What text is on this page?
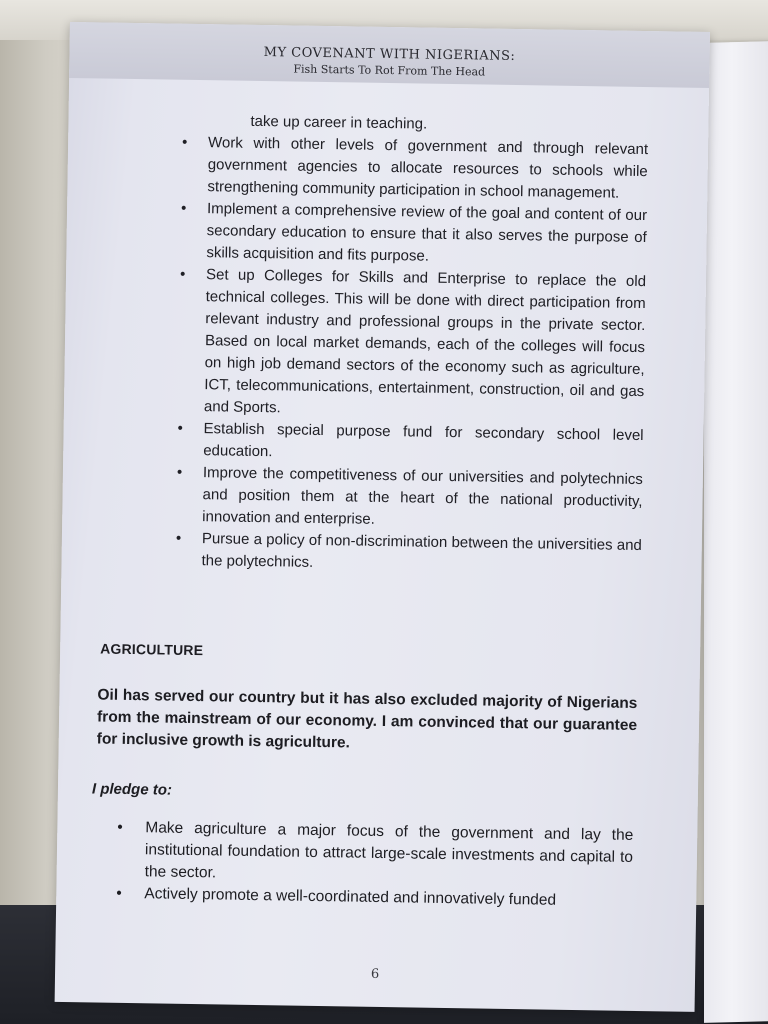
MY COVENANT WITH NIGERIANS:
Fish Starts To Rot From The Head
take up career in teaching.
• Work with other levels of government and through relevant government agencies to allocate resources to schools while strengthening community participation in school management.
• Implement a comprehensive review of the goal and content of our secondary education to ensure that it also serves the purpose of skills acquisition and fits purpose.
• Set up Colleges for Skills and Enterprise to replace the old technical colleges. This will be done with direct participation from relevant industry and professional groups in the private sector. Based on local market demands, each of the colleges will focus on high job demand sectors of the economy such as agriculture, ICT, telecommunications, entertainment, construction, oil and gas and Sports.
• Establish special purpose fund for secondary school level education.
• Improve the competitiveness of our universities and polytechnics and position them at the heart of the national productivity, innovation and enterprise.
• Pursue a policy of non-discrimination between the universities and the polytechnics.
AGRICULTURE
Oil has served our country but it has also excluded majority of Nigerians from the mainstream of our economy. I am convinced that our guarantee for inclusive growth is agriculture.
I pledge to:
• Make agriculture a major focus of the government and lay the institutional foundation to attract large-scale investments and capital to the sector.
• Actively promote a well-coordinated and innovatively funded
6
